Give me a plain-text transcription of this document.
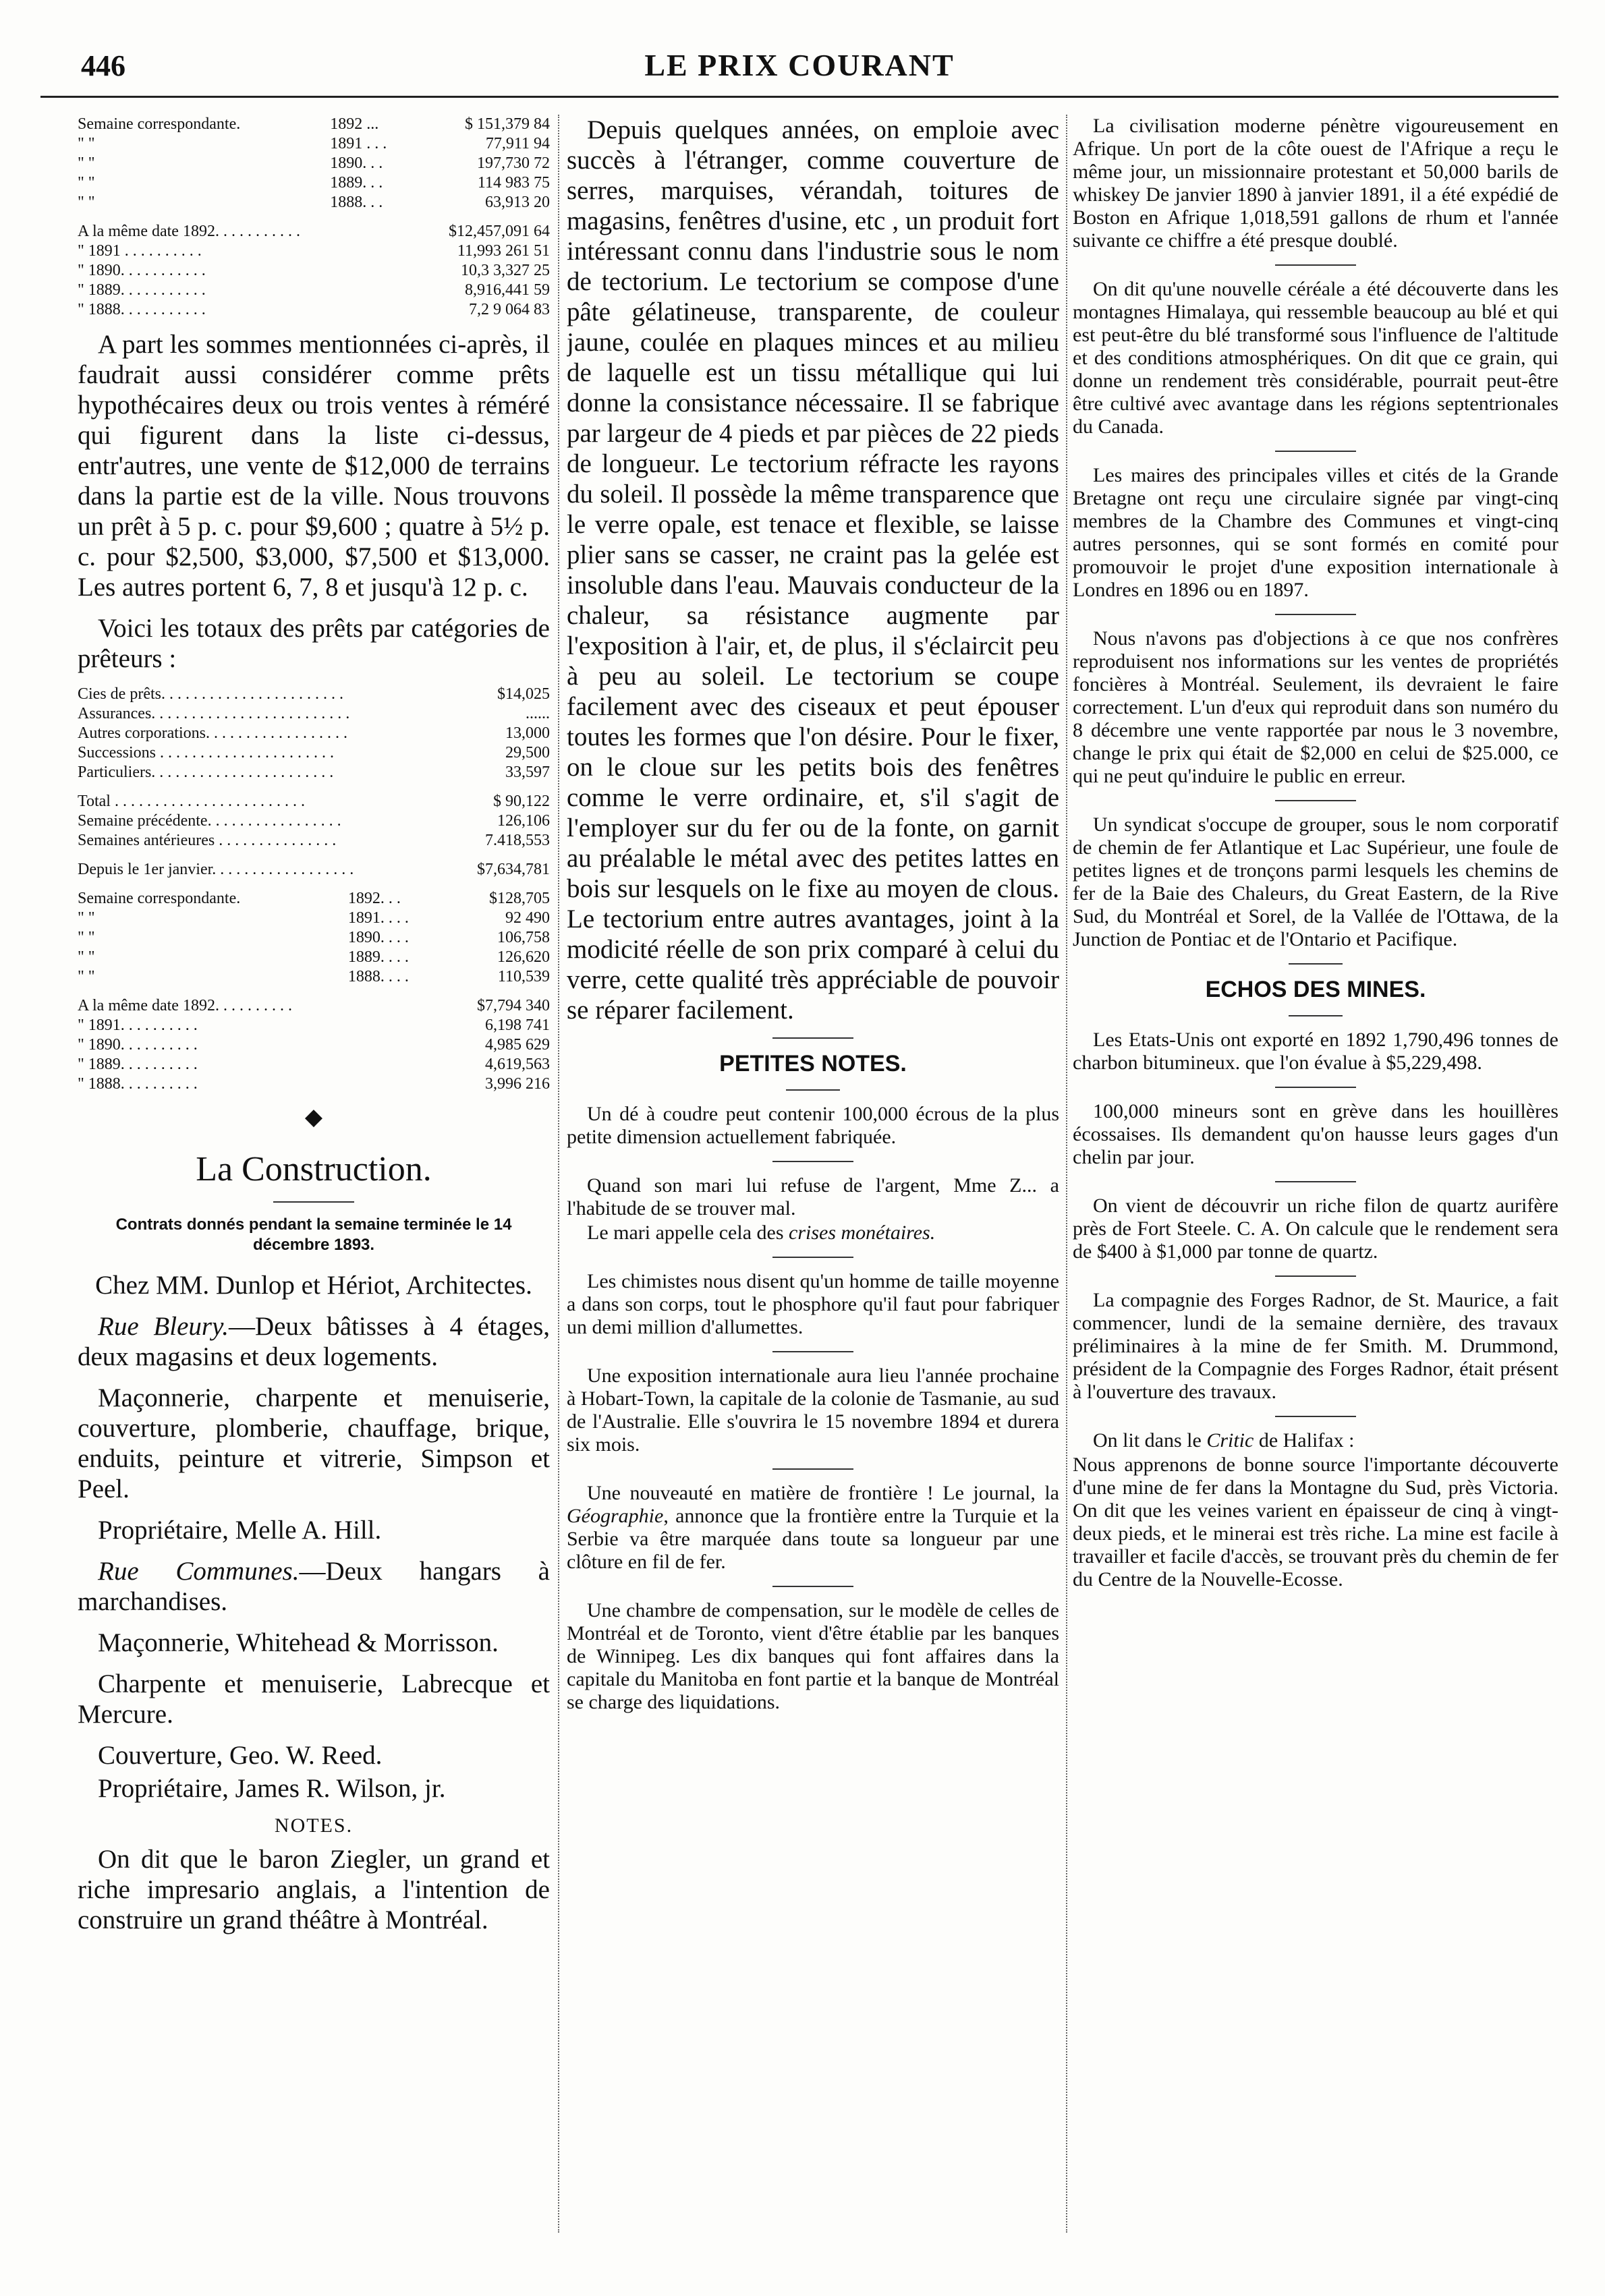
446	LE PRIX COURANT
Semaine correspondante.	1892 ...	$ 151,379 84
" "	1891 . . .	77,911 94
" "	1890. . .	197,730 72
" "	1889. . .	114 983 75
" "	1888. . .	63,913 20
A la même date 1892. . . . . . . . . . .	$12,457,091 64
" 1891 . . . . . . . . . .	11,993 261 51
" 1890. . . . . . . . . . .	10,3 3,327 25
" 1889. . . . . . . . . . .	8,916,441 59
" 1888. . . . . . . . . . .	7,2 9 064 83

A part les sommes mentionnées ci-après, il faudrait aussi considérer comme prêts hypothécaires deux ou trois ventes à réméré qui figurent dans la liste ci-dessus, entr'autres, une vente de $12,000 de terrains dans la partie est de la ville. Nous trouvons un prêt à 5 p. c. pour $9,600 ; quatre à 5½ p. c. pour $2,500, $3,000, $7,500 et $13,000. Les autres portent 6, 7, 8 et jusqu'à 12 p. c.

Voici les totaux des prêts par catégories de prêteurs :

Cies de prêts. . . . . . . . . . . . . . . . . . . . . . .	$14,025
Assurances. . . . . . . . . . . . . . . . . . . . . . . . .	......
Autres corporations. . . . . . . . . . . . . . . . . .	13,000
Successions . . . . . . . . . . . . . . . . . . . . . .	29,500
Particuliers. . . . . . . . . . . . . . . . . . . . . . .	33,597
Total . . . . . . . . . . . . . . . . . . . . . . . .	$ 90,122
Semaine précédente. . . . . . . . . . . . . . . . .	126,106
Semaines antérieures . . . . . . . . . . . . . . .	7.418,553
Depuis le 1er janvier. . . . . . . . . . . . . . . . . .	$7,634,781
Semaine correspondante.	1892. . .	$128,705
" "	1891. . . .	92 490
" "	1890. . . .	106,758
" "	1889. . . .	126,620
" "	1888. . . .	110,539
A la même date 1892. . . . . . . . . .	$7,794 340
" 1891. . . . . . . . . .	6,198 741
" 1890. . . . . . . . . .	4,985 629
" 1889. . . . . . . . . .	4,619,563
" 1888. . . . . . . . . .	3,996 216
◆
La Construction.
Contrats donnés pendant la semaine terminée le 14 décembre 1893.

Chez MM. Dunlop et Hériot, Architectes.

Rue Bleury.—Deux bâtisses à 4 étages, deux magasins et deux logements.

Maçonnerie, charpente et menuiserie, couverture, plomberie, chauffage, brique, enduits, peinture et vitrerie, Simpson et Peel.

Propriétaire, Melle A. Hill.

Rue Communes.—Deux hangars à marchandises.

Maçonnerie, Whitehead & Morrisson.

Charpente et menuiserie, Labrecque et Mercure.

Couverture, Geo. W. Reed.

Propriétaire, James R. Wilson, jr.

NOTES.

On dit que le baron Ziegler, un grand et riche impresario anglais, a l'intention de construire un grand théâtre à Montréal.

Depuis quelques années, on emploie avec succès à l'étranger, comme couverture de serres, marquises, vérandah, toitures de magasins, fenêtres d'usine, etc , un produit fort intéressant connu dans l'industrie sous le nom de tectorium. Le tectorium se compose d'une pâte gélatineuse, transparente, de couleur jaune, coulée en plaques minces et au milieu de laquelle est un tissu métallique qui lui donne la consistance nécessaire. Il se fabrique par largeur de 4 pieds et par pièces de 22 pieds de longueur. Le tectorium réfracte les rayons du soleil. Il possède la même transparence que le verre opale, est tenace et flexible, se laisse plier sans se casser, ne craint pas la gelée est insoluble dans l'eau. Mauvais conducteur de la chaleur, sa résistance augmente par l'exposition à l'air, et, de plus, il s'éclaircit peu à peu au soleil. Le tectorium se coupe facilement avec des ciseaux et peut épouser toutes les formes que l'on désire. Pour le fixer, on le cloue sur les petits bois des fenêtres comme le verre ordinaire, et, s'il s'agit de l'employer sur du fer ou de la fonte, on garnit au préalable le métal avec des petites lattes en bois sur lesquels on le fixe au moyen de clous. Le tectorium entre autres avantages, joint à la modicité réelle de son prix comparé à celui du verre, cette qualité très appréciable de pouvoir se réparer facilement.

PETITES NOTES.

Un dé à coudre peut contenir 100,000 écrous de la plus petite dimension actuellement fabriquée.

Quand son mari lui refuse de l'argent, Mme Z... a l'habitude de se trouver mal.

Le mari appelle cela des crises monétaires.

Les chimistes nous disent qu'un homme de taille moyenne a dans son corps, tout le phosphore qu'il faut pour fabriquer un demi million d'allumettes.

Une exposition internationale aura lieu l'année prochaine à Hobart-Town, la capitale de la colonie de Tasmanie, au sud de l'Australie. Elle s'ouvrira le 15 novembre 1894 et durera six mois.

Une nouveauté en matière de frontière ! Le journal, la Géographie, annonce que la frontière entre la Turquie et la Serbie va être marquée dans toute sa longueur par une clôture en fil de fer.

Une chambre de compensation, sur le modèle de celles de Montréal et de Toronto, vient d'être établie par les banques de Winnipeg. Les dix banques qui font affaires dans la capitale du Manitoba en font partie et la banque de Montréal se charge des liquidations.

La civilisation moderne pénètre vigoureusement en Afrique. Un port de la côte ouest de l'Afrique a reçu le même jour, un missionnaire protestant et 50,000 barils de whiskey De janvier 1890 à janvier 1891, il a été expédié de Boston en Afrique 1,018,591 gallons de rhum et l'année suivante ce chiffre a été presque doublé.

On dit qu'une nouvelle céréale a été découverte dans les montagnes Himalaya, qui ressemble beaucoup au blé et qui est peut-être du blé transformé sous l'influence de l'altitude et des conditions atmosphériques. On dit que ce grain, qui donne un rendement très considérable, pourrait peut-être être cultivé avec avantage dans les régions septentrionales du Canada.

Les maires des principales villes et cités de la Grande Bretagne ont reçu une circulaire signée par vingt-cinq membres de la Chambre des Communes et vingt-cinq autres personnes, qui se sont formés en comité pour promouvoir le projet d'une exposition internationale à Londres en 1896 ou en 1897.

Nous n'avons pas d'objections à ce que nos confrères reproduisent nos informations sur les ventes de propriétés foncières à Montréal. Seulement, ils devraient le faire correctement. L'un d'eux qui reproduit dans son numéro du 8 décembre une vente rapportée par nous le 3 novembre, change le prix qui était de $2,000 en celui de $25.000, ce qui ne peut qu'induire le public en erreur.

Un syndicat s'occupe de grouper, sous le nom corporatif de chemin de fer Atlantique et Lac Supérieur, une foule de petites lignes et de tronçons parmi lesquels les chemins de fer de la Baie des Chaleurs, du Great Eastern, de la Rive Sud, du Montréal et Sorel, de la Vallée de l'Ottawa, de la Junction de Pontiac et de l'Ontario et Pacifique.

ECHOS DES MINES.

Les Etats-Unis ont exporté en 1892 1,790,496 tonnes de charbon bitumineux. que l'on évalue à $5,229,498.

100,000 mineurs sont en grève dans les houillères écossaises. Ils demandent qu'on hausse leurs gages d'un chelin par jour.

On vient de découvrir un riche filon de quartz aurifère près de Fort Steele. C. A. On calcule que le rendement sera de $400 à $1,000 par tonne de quartz.

La compagnie des Forges Radnor, de St. Maurice, a fait commencer, lundi de la semaine dernière, des travaux préliminaires à la mine de fer Smith. M. Drummond, président de la Compagnie des Forges Radnor, était présent à l'ouverture des travaux.

On lit dans le Critic de Halifax :

Nous apprenons de bonne source l'importante découverte d'une mine de fer dans la Montagne du Sud, près Victoria. On dit que les veines varient en épaisseur de cinq à vingt-deux pieds, et le minerai est très riche. La mine est facile à travailler et facile d'accès, se trouvant près du chemin de fer du Centre de la Nouvelle-Ecosse.
